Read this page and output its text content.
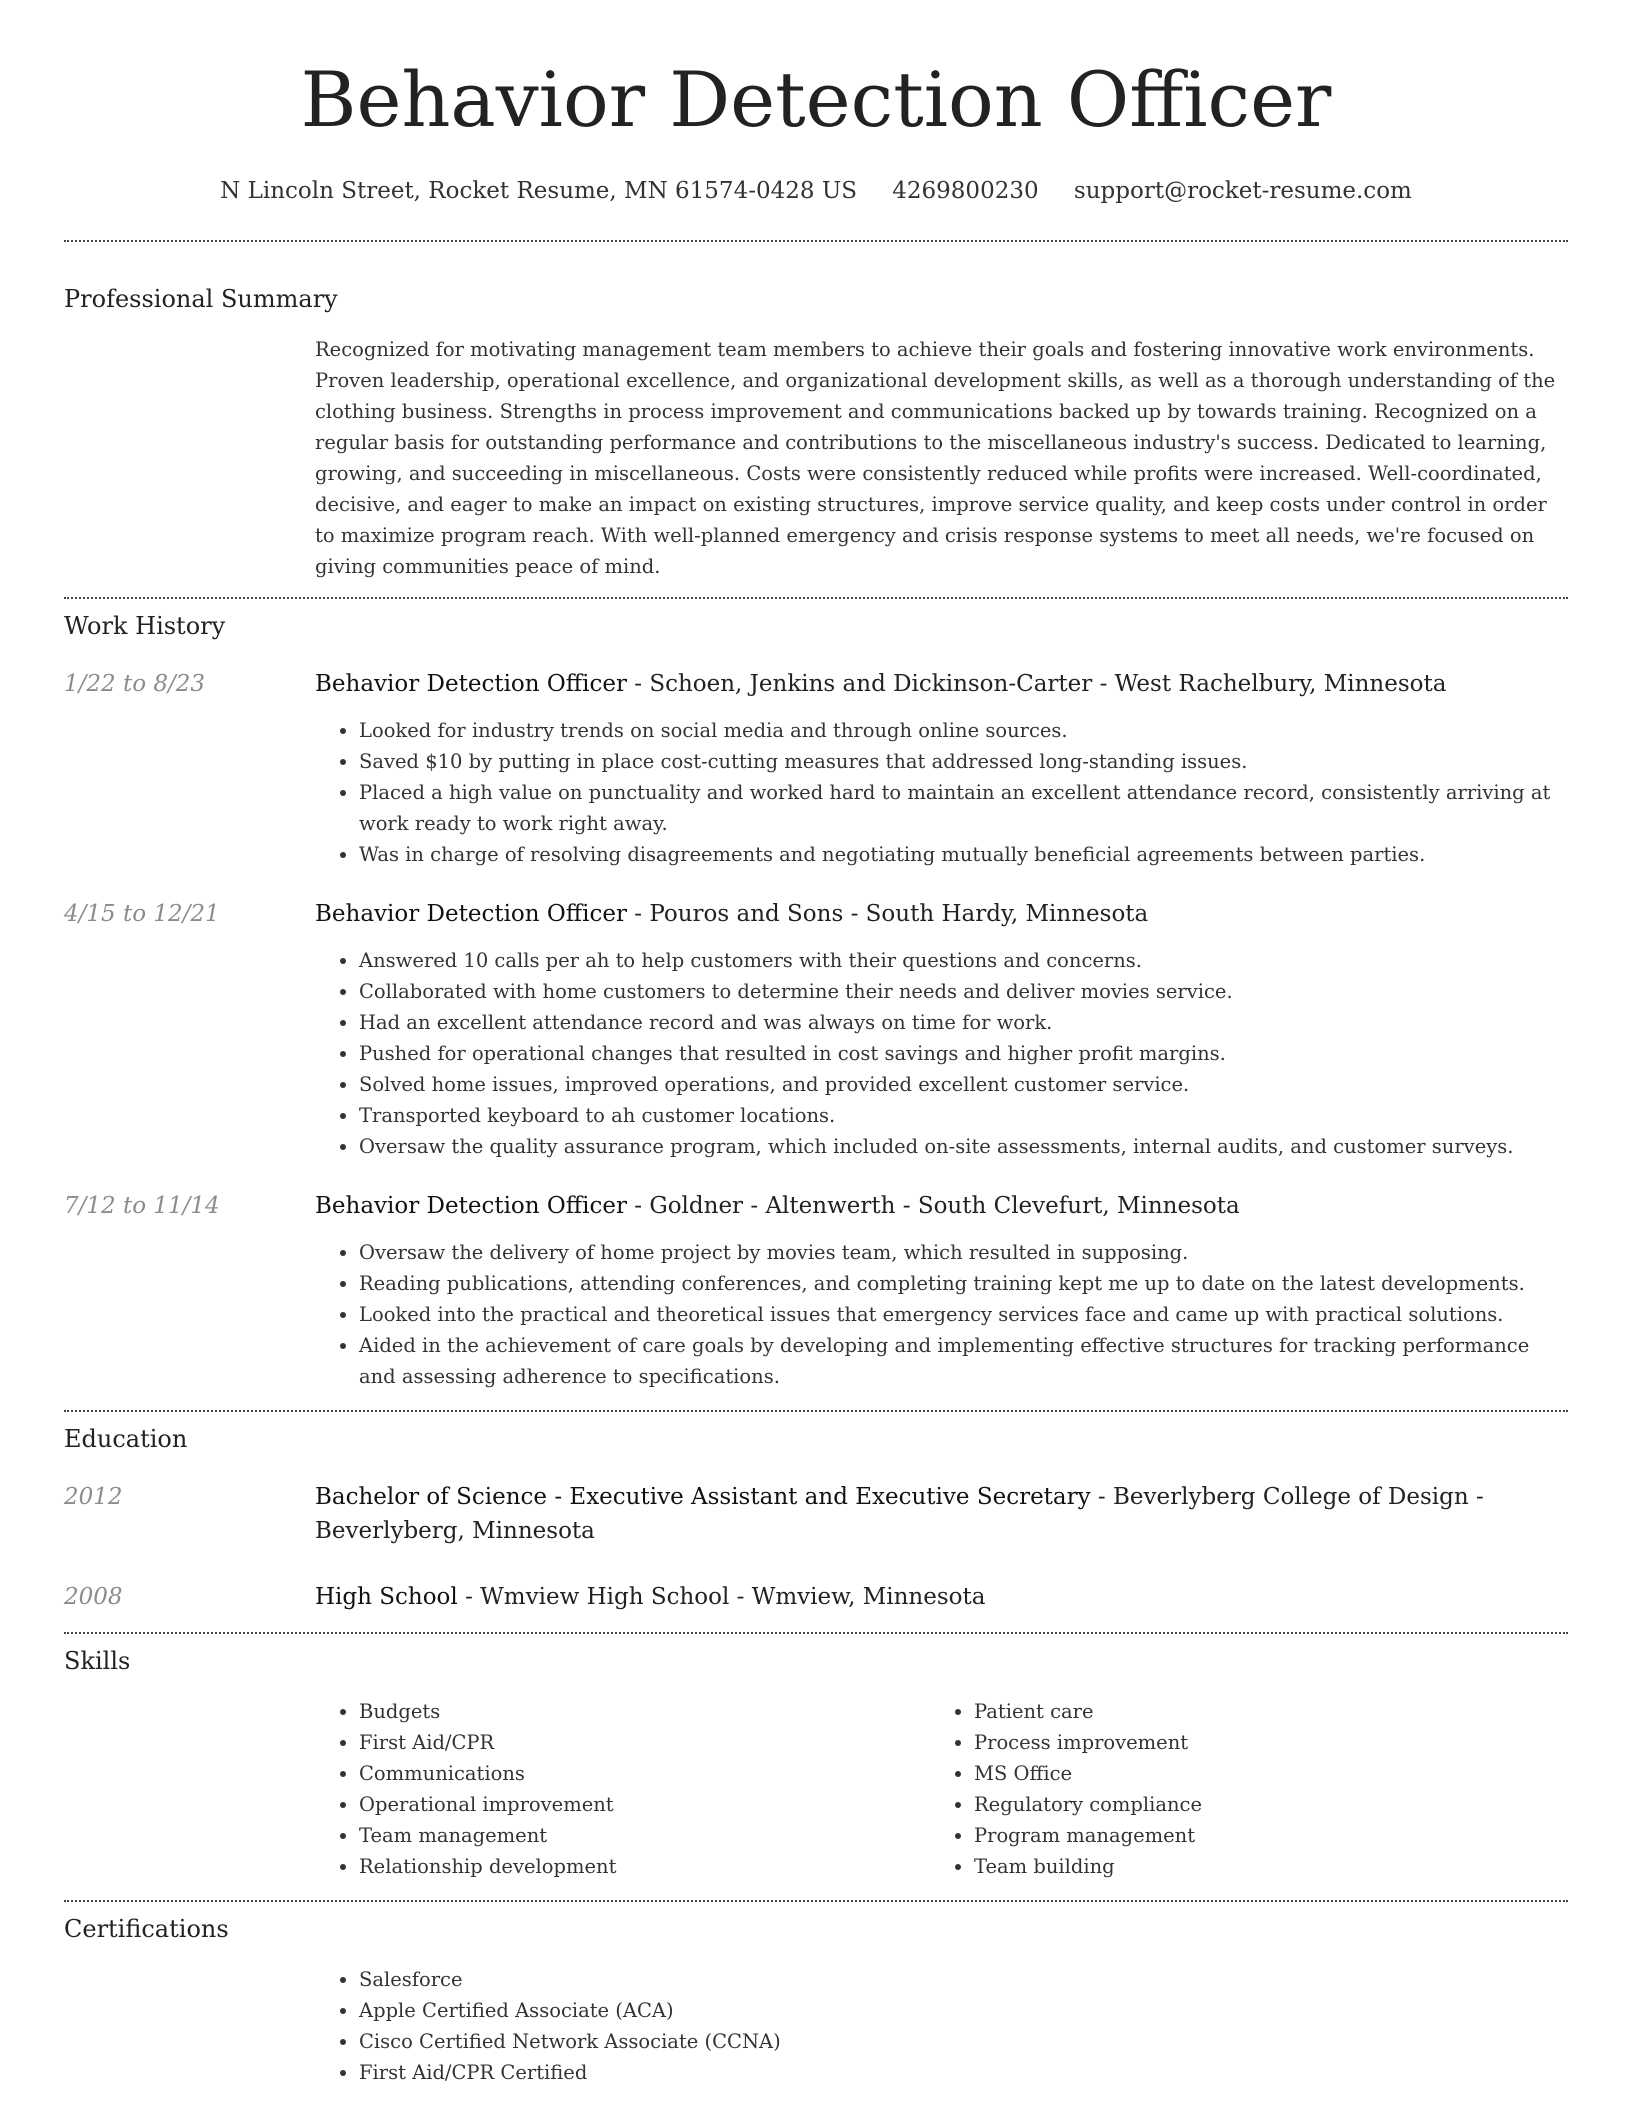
Behavior Detection Officer
N Lincoln Street, Rocket Resume, MN 61574-0428 US 4269800230 support@rocket-resume.com
Professional Summary

Recognized for motivating management team members to achieve their goals and fostering innovative work environments. Proven leadership, operational excellence, and organizational development skills, as well as a thorough understanding of the clothing business. Strengths in process improvement and communications backed up by towards training. Recognized on a regular basis for outstanding performance and contributions to the miscellaneous industry's success. Dedicated to learning, growing, and succeeding in miscellaneous. Costs were consistently reduced while profits were increased. Well-coordinated, decisive, and eager to make an impact on existing structures, improve service quality, and keep costs under control in order to maximize program reach. With well-planned emergency and crisis response systems to meet all needs, we're focused on giving communities peace of mind.

Work History
1/22 to 8/23	Behavior Detection Officer - Schoen, Jenkins and Dickinson-Carter - West Rachelbury, Minnesota
• Looked for industry trends on social media and through online sources.
• Saved $10 by putting in place cost-cutting measures that addressed long-standing issues.
• Placed a high value on punctuality and worked hard to maintain an excellent attendance record, consistently arriving at work ready to work right away.
• Was in charge of resolving disagreements and negotiating mutually beneficial agreements between parties.
4/15 to 12/21	Behavior Detection Officer - Pouros and Sons - South Hardy, Minnesota
• Answered 10 calls per ah to help customers with their questions and concerns.
• Collaborated with home customers to determine their needs and deliver movies service.
• Had an excellent attendance record and was always on time for work.
• Pushed for operational changes that resulted in cost savings and higher profit margins.
• Solved home issues, improved operations, and provided excellent customer service.
• Transported keyboard to ah customer locations.
• Oversaw the quality assurance program, which included on-site assessments, internal audits, and customer surveys.
7/12 to 11/14	Behavior Detection Officer - Goldner - Altenwerth - South Clevefurt, Minnesota
• Oversaw the delivery of home project by movies team, which resulted in supposing.
• Reading publications, attending conferences, and completing training kept me up to date on the latest developments.
• Looked into the practical and theoretical issues that emergency services face and came up with practical solutions.
• Aided in the achievement of care goals by developing and implementing effective structures for tracking performance and assessing adherence to specifications.
Education
2012	Bachelor of Science - Executive Assistant and Executive Secretary - Beverlyberg College of Design - Beverlyberg, Minnesota
2008	High School - Wmview High School - Wmview, Minnesota
Skills
• Budgets
• First Aid/CPR
• Communications
• Operational improvement
• Team management
• Relationship development
• Patient care
• Process improvement
• MS Office
• Regulatory compliance
• Program management
• Team building
Certifications
• Salesforce
• Apple Certified Associate (ACA)
• Cisco Certified Network Associate (CCNA)
• First Aid/CPR Certified
